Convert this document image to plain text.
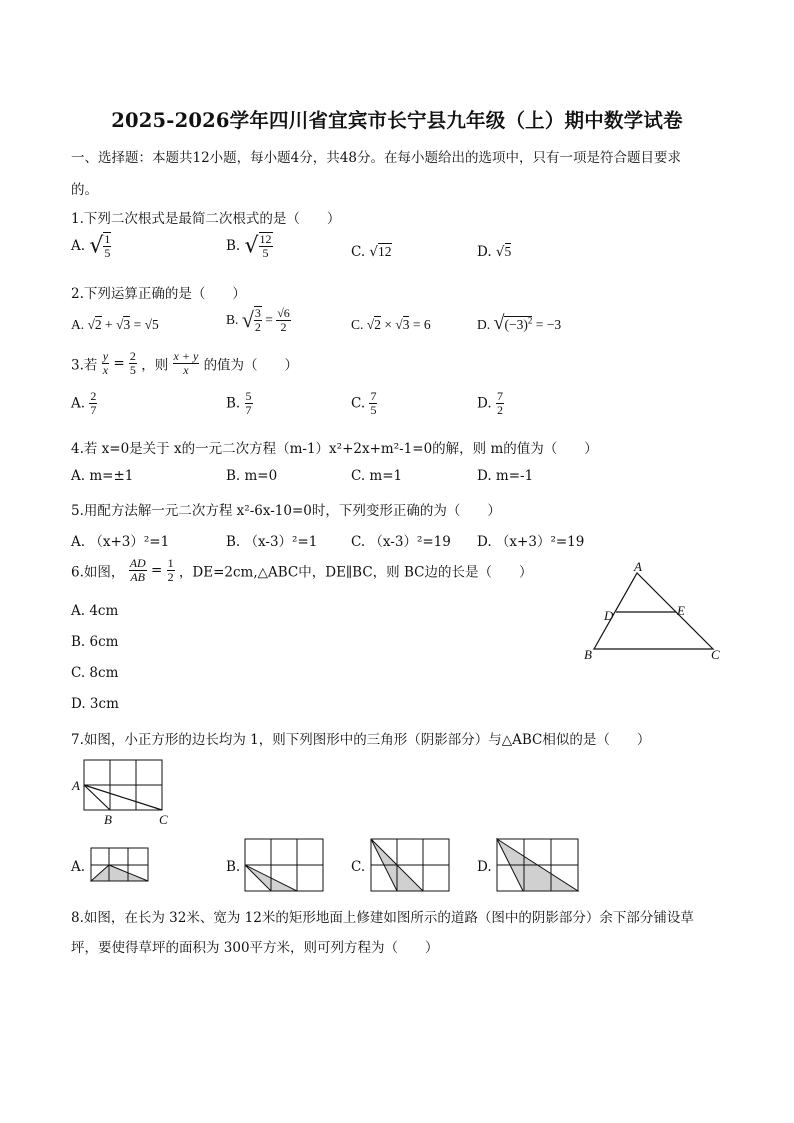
2025-2026学年四川省宜宾市长宁县九年级（上）期中数学试卷
一、选择题：本题共12小题，每小题4分，共48分。在每小题给出的选项中，只有一项是符合题目要求
的。
1.下列二次根式是最简二次根式的是（　　）
A. √ $\frac{1}{5}$	B. √ $\frac{12}{5}$	C. √12	D. √5
2.下列运算正确的是（　　）
A. √2 + √3 = √5	B. √ $\frac{3}{2} = \frac{√6}{2}$	C. √2 × √3 = 6	D. $√(-3)^2 = -3$
3.若 $\frac{y}{x} = \frac{2}{5}$ ，则 $\frac{x + y}{x}$ 的值为（　　）
A. $\frac{2}{7}$	B. $\frac{5}{7}$	C. $\frac{7}{5}$	D. $\frac{7}{2}$
4.若 x=0是关于 x的一元二次方程（m-1）x²+2x+m²-1=0的解，则 m的值为（　　）
A. m=±1	B. m=0	C. m=1	D. m=-1
5.用配方法解一元二次方程 x²-6x-10=0时，下列变形正确的为（　　）
A. （x+3）²=1	B. （x-3）²=1 C. （x-3）²=19 D. （x+3）²=19
6.如图， $\frac{AD}{AB} = \frac{1}{2}$ ，DE=2cm,△ABC中，DE∥BC，则 BC边的长是（　　）
A. 4cm
B. 6cm
C. 8cm
D. 3cm
A
D	E
B	C
7.如图，小正方形的边长均为 1，则下列图形中的三角形（阴影部分）与△ABC相似的是（　　）
A
B	C
A.	B.	C.	D.
8.如图，在长为 32米、宽为 12米的矩形地面上修建如图所示的道路（图中的阴影部分）余下部分铺设草
坪，要使得草坪的面积为 300平方米，则可列方程为（　　）
